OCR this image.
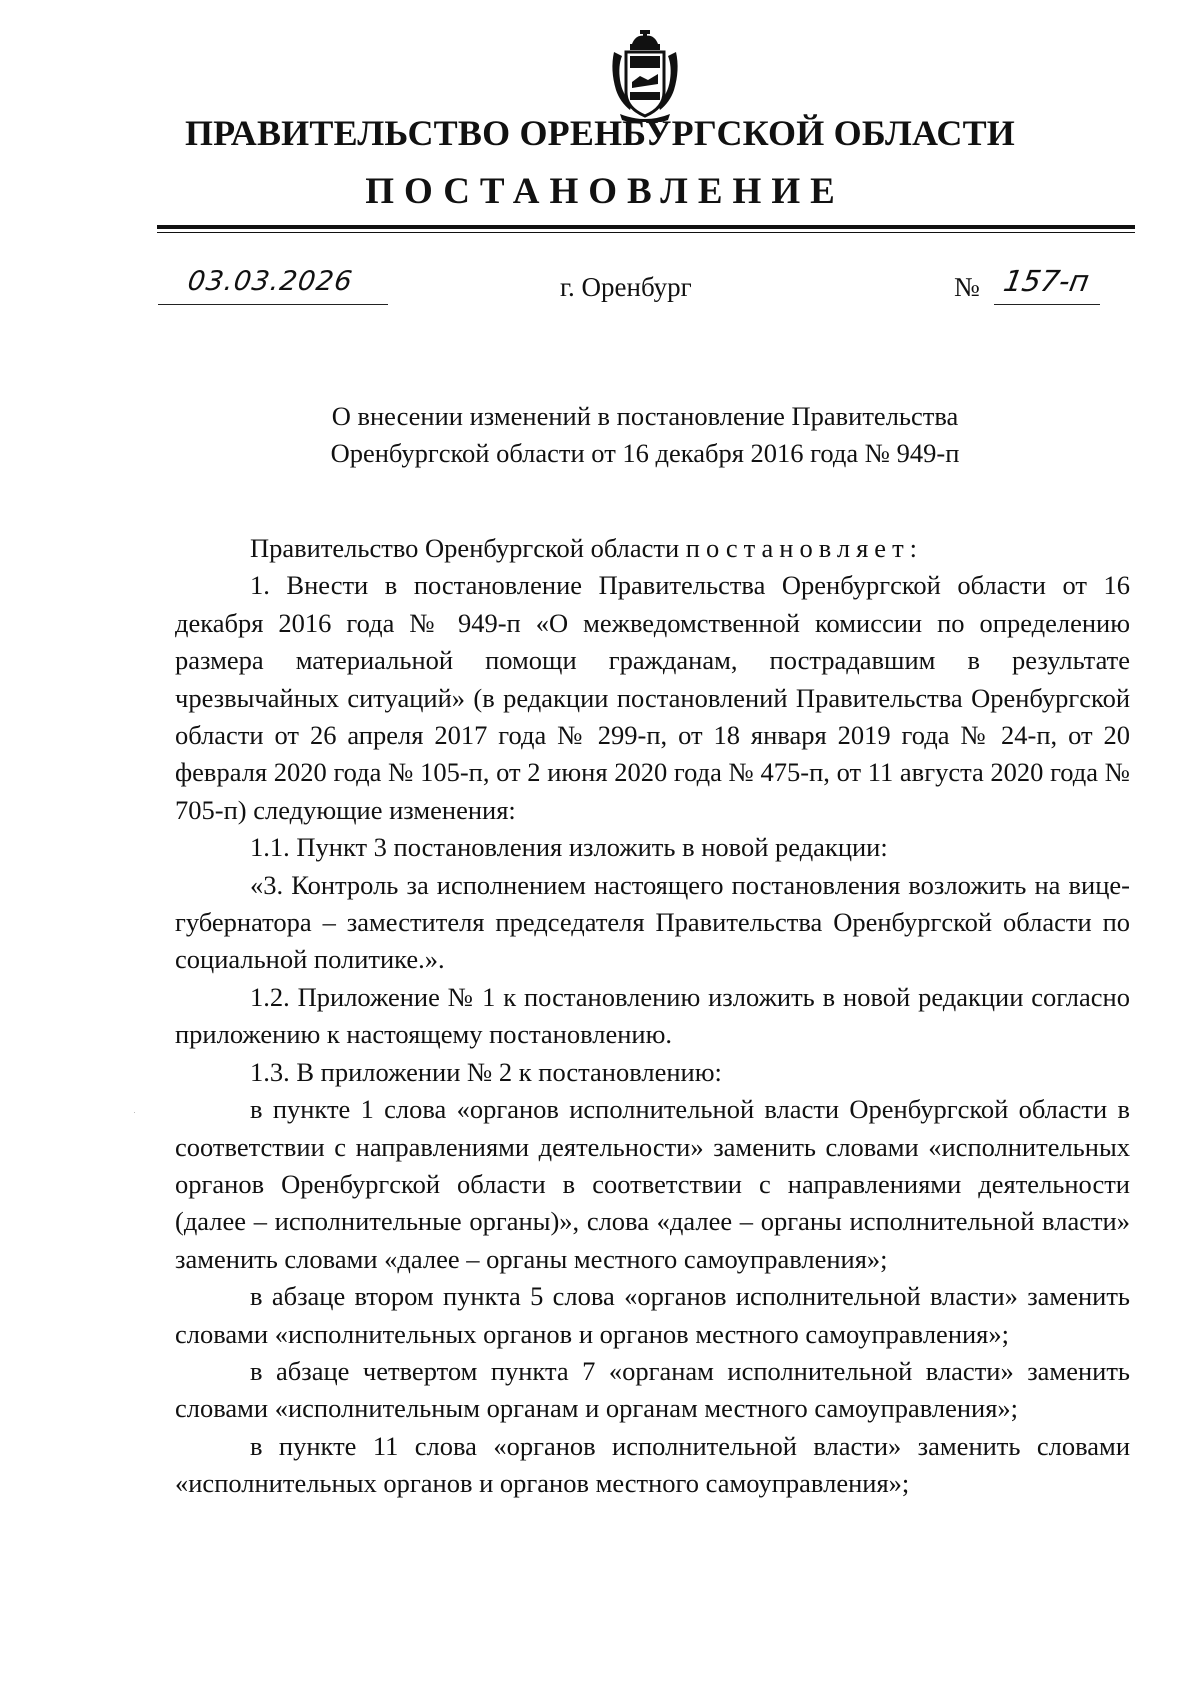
ПРАВИТЕЛЬСТВО ОРЕНБУРГСКОЙ ОБЛАСТИ
ПОСТАНОВЛЕНИЕ
03.03.2026	г. Оренбург	№ 157-п
О внесении изменений в постановление Правительства
Оренбургской области от 16 декабря 2016 года № 949-п

Правительство Оренбургской области постановляет:

1. Внести в постановление Правительства Оренбургской области от 16 декабря 2016 года № 949-п «О межведомственной комиссии по определению размера материальной помощи гражданам, пострадавшим в результате чрезвычайных ситуаций» (в редакции постановлений Правительства Оренбургской области от 26 апреля 2017 года № 299-п, от 18 января 2019 года № 24-п, от 20 февраля 2020 года № 105-п, от 2 июня 2020 года № 475-п, от 11 августа 2020 года № 705-п) следующие изменения:

1.1. Пункт 3 постановления изложить в новой редакции:

«3. Контроль за исполнением настоящего постановления возложить на вице-губернатора – заместителя председателя Правительства Оренбургской области по социальной политике.».

1.2. Приложение № 1 к постановлению изложить в новой редакции согласно приложению к настоящему постановлению.

1.3. В приложении № 2 к постановлению:

в пункте 1 слова «органов исполнительной власти Оренбургской области в соответствии с направлениями деятельности» заменить словами «исполнительных органов Оренбургской области в соответствии с направлениями деятельности (далее – исполнительные органы)», слова «далее – органы исполнительной власти» заменить словами «далее – органы местного самоуправления»;

в абзаце втором пункта 5 слова «органов исполнительной власти» заменить словами «исполнительных органов и органов местного самоуправления»;

в абзаце четвертом пункта 7 «органам исполнительной власти» заменить словами «исполнительным органам и органам местного самоуправления»;

в пункте 11 слова «органов исполнительной власти» заменить словами «исполнительных органов и органов местного самоуправления»;
